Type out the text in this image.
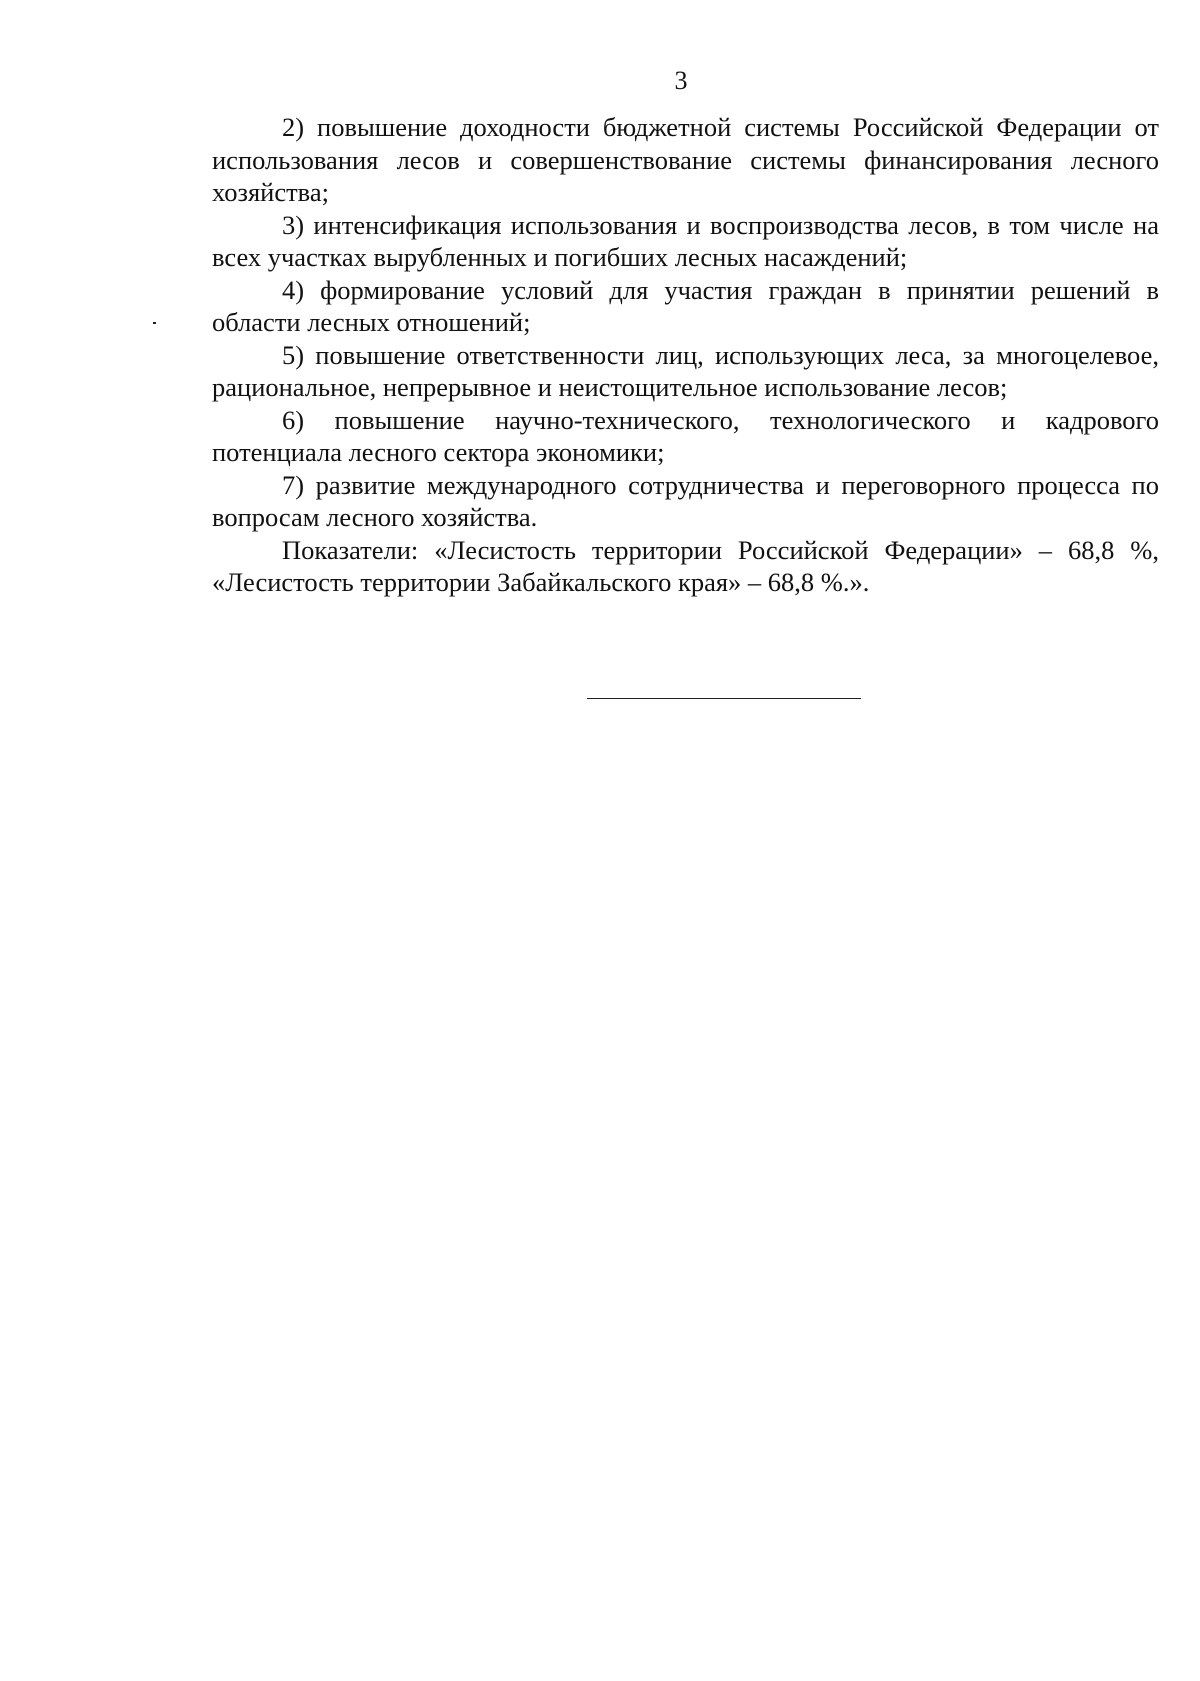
3

2) повышение доходности бюджетной системы Российской Федерации от использования лесов и совершенствование системы финансирования лесного хозяйства;

3) интенсификация использования и воспроизводства лесов, в том числе на всех участках вырубленных и погибших лесных насаждений;

4) формирование условий для участия граждан в принятии решений в области лесных отношений;

5) повышение ответственности лиц, использующих леса, за многоцелевое, рациональное, непрерывное и неистощительное использование лесов;

6) повышение научно-технического, технологического и кадрового потенциала лесного сектора экономики;

7) развитие международного сотрудничества и переговорного процесса по вопросам лесного хозяйства.

Показатели: «Лесистость территории Российской Федерации» – 68,8 %, «Лесистость территории Забайкальского края» – 68,8 %.».
